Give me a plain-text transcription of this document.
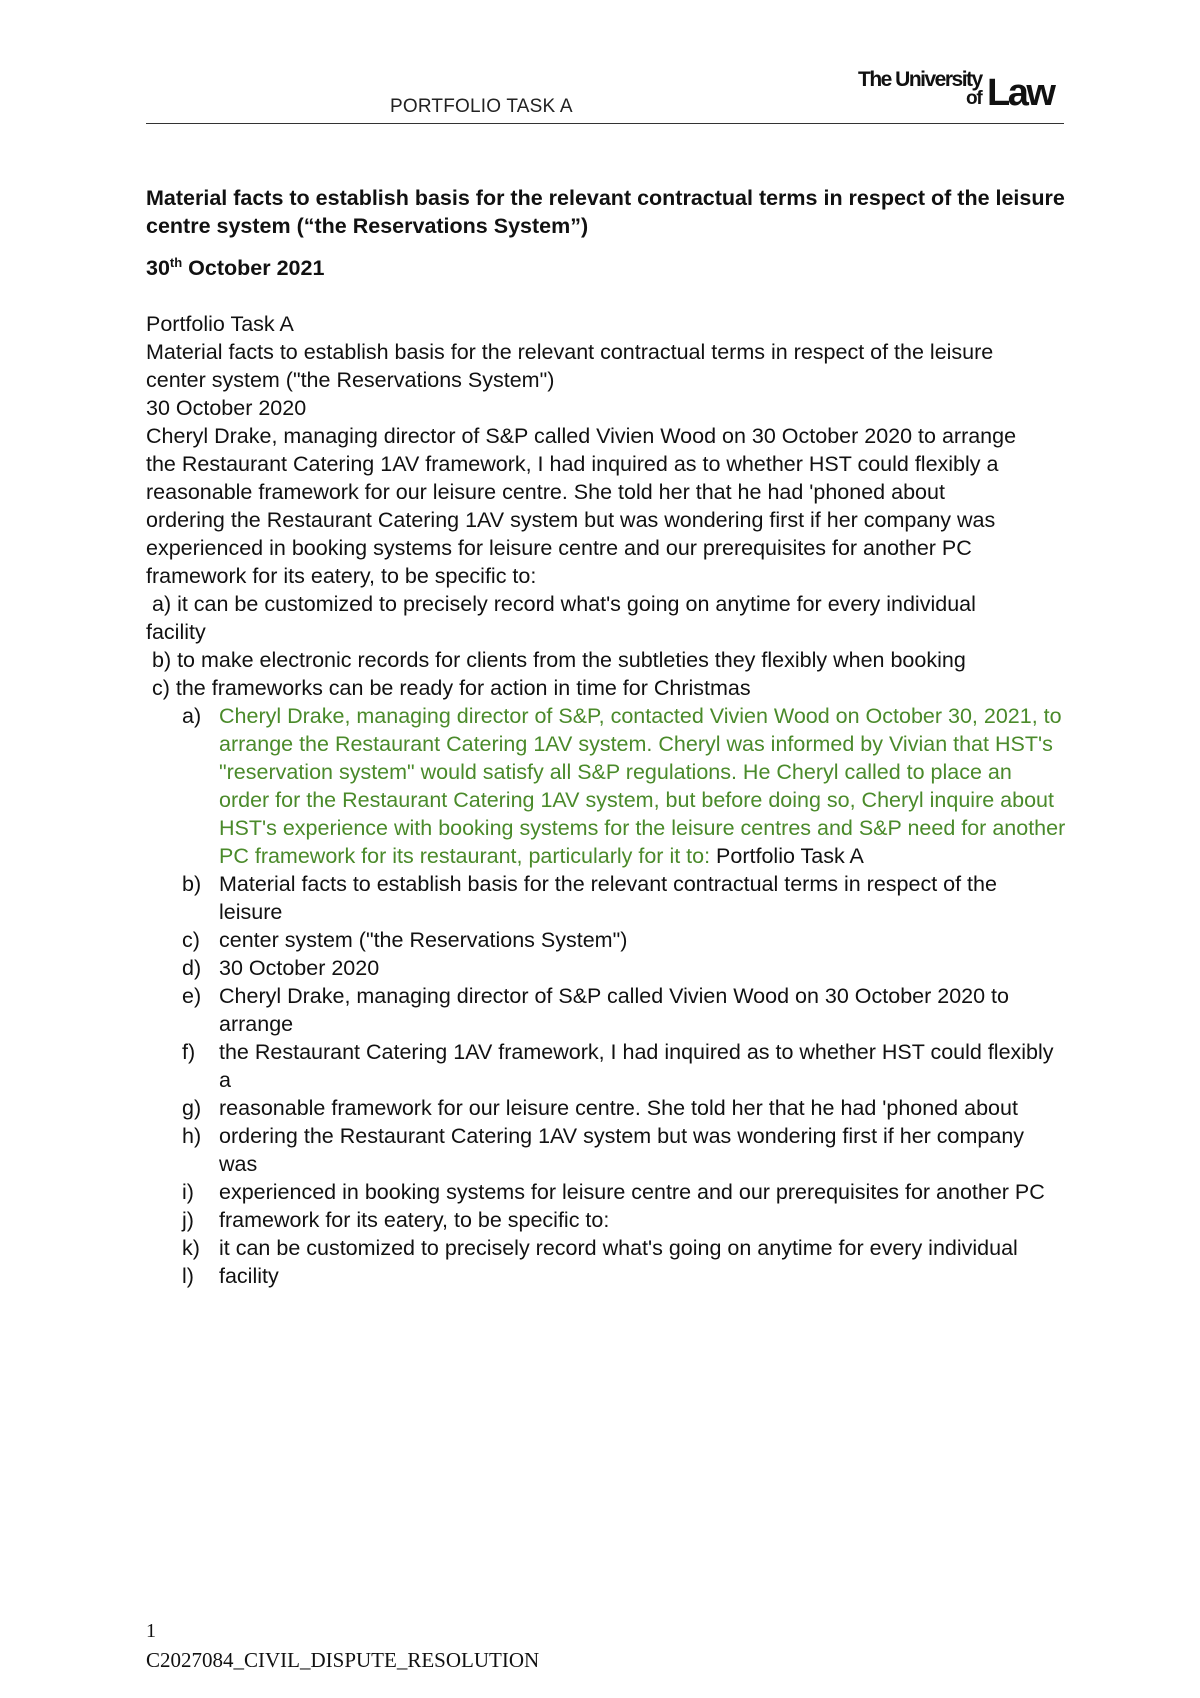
PORTFOLIO TASK A
The University
of Law

Material facts to establish basis for the relevant contractual terms in respect of the leisure centre system (“the Reservations System”)

30th October 2021

Portfolio Task A

Material facts to establish basis for the relevant contractual terms in respect of the leisure

center system ("the Reservations System")

30 October 2020

Cheryl Drake, managing director of S&P called Vivien Wood on 30 October 2020 to arrange

the Restaurant Catering 1AV framework, I had inquired as to whether HST could flexibly a

reasonable framework for our leisure centre. She told her that he had 'phoned about

ordering the Restaurant Catering 1AV system but was wondering first if her company was

experienced in booking systems for leisure centre and our prerequisites for another PC

framework for its eatery, to be specific to:

a) it can be customized to precisely record what's going on anytime for every individual

facility

b) to make electronic records for clients from the subtleties they flexibly when booking

c) the frameworks can be ready for action in time for Christmas

a) Cheryl Drake, managing director of S&P, contacted Vivien Wood on October 30, 2021, to arrange the Restaurant Catering 1AV system. Cheryl was informed by Vivian that HST's "reservation system" would satisfy all S&P regulations. He Cheryl called to place an order for the Restaurant Catering 1AV system, but before doing so, Cheryl inquire about HST's experience with booking systems for the leisure centres and S&P need for another PC framework for its restaurant, particularly for it to: Portfolio Task A
b) Material facts to establish basis for the relevant contractual terms in respect of the leisure
c) center system ("the Reservations System")
d) 30 October 2020
e) Cheryl Drake, managing director of S&P called Vivien Wood on 30 October 2020 to arrange
f) the Restaurant Catering 1AV framework, I had inquired as to whether HST could flexibly a
g) reasonable framework for our leisure centre. She told her that he had 'phoned about
h) ordering the Restaurant Catering 1AV system but was wondering first if her company was
i) experienced in booking systems for leisure centre and our prerequisites for another PC
j) framework for its eatery, to be specific to:
k) it can be customized to precisely record what's going on anytime for every individual
l) facility
1
C2027084_CIVIL_DISPUTE_RESOLUTION
